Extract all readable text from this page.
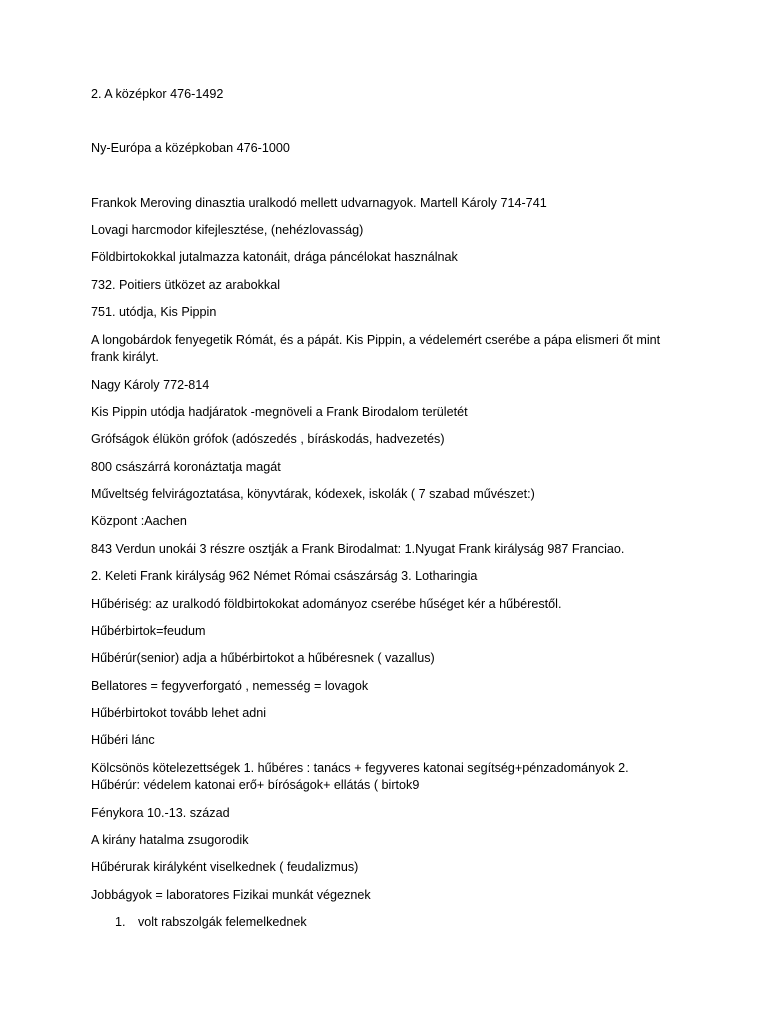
2. A középkor 476-1492
Ny-Európa a középkoban 476-1000
Frankok Meroving dinasztia uralkodó mellett udvarnagyok. Martell Károly 714-741
Lovagi harcmodor kifejlesztése, (nehézlovasság)
Földbirtokokkal jutalmazza katonáit, drága páncélokat használnak
732. Poitiers ütközet az arabokkal
751. utódja, Kis Pippin
A longobárdok fenyegetik Rómát, és a pápát. Kis Pippin, a védelemért cserébe a pápa elismeri őt mint
frank királyt.
Nagy Károly 772-814
Kis Pippin utódja hadjáratok -megnöveli a Frank Birodalom területét
Grófságok élükön grófok (adószedés , bíráskodás, hadvezetés)
800 császárrá koronáztatja magát
Műveltség felvirágoztatása, könyvtárak, kódexek, iskolák ( 7 szabad művészet:)
Központ :Aachen
843 Verdun unokái 3 részre osztják a Frank Birodalmat: 1.Nyugat Frank királyság 987 Franciao.
2. Keleti Frank királyság 962 Német Római császárság 3. Lotharingia
Hűbériség: az uralkodó földbirtokokat adományoz cserébe hűséget kér a hűbérestől.
Hűbérbirtok=feudum
Hűbérúr(senior) adja a hűbérbirtokot a hűbéresnek ( vazallus)
Bellatores = fegyverforgató , nemesség = lovagok
Hűbérbirtokot tovább lehet adni
Hűbéri lánc
Kölcsönös kötelezettségek 1. hűbéres : tanács + fegyveres katonai segítség+pénzadományok 2.
Hűbérúr: védelem katonai erő+ bíróságok+ ellátás ( birtok9
Fénykora 10.-13. század
A kirány hatalma zsugorodik
Hűbérurak királyként viselkednek ( feudalizmus)
Jobbágyok = laboratores Fizikai munkát végeznek
1. volt rabszolgák felemelkednek
